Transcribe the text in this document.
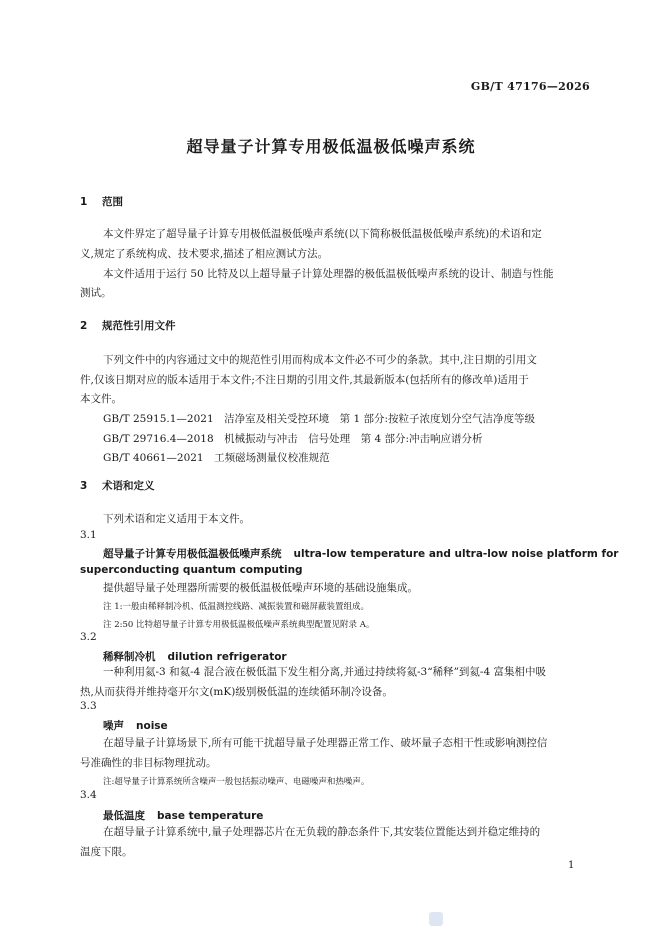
GB/T 47176—2026
超导量子计算专用极低温极低噪声系统
1 范围
本文件界定了超导量子计算专用极低温极低噪声系统(以下简称极低温极低噪声系统)的术语和定
义,规定了系统构成、技术要求,描述了相应测试方法。
本文件适用于运行 50 比特及以上超导量子计算处理器的极低温极低噪声系统的设计、制造与性能
测试。
2 规范性引用文件
下列文件中的内容通过文中的规范性引用而构成本文件必不可少的条款。其中,注日期的引用文
件,仅该日期对应的版本适用于本文件;不注日期的引用文件,其最新版本(包括所有的修改单)适用于
本文件。
GB/T 25915.1—2021　洁净室及相关受控环境　第 1 部分:按粒子浓度划分空气洁净度等级
GB/T 29716.4—2018　机械振动与冲击　信号处理　第 4 部分:冲击响应谱分析
GB/T 40661—2021　工频磁场测量仪校准规范
3 术语和定义
下列术语和定义适用于本文件。
3.1
超导量子计算专用极低温极低噪声系统 ultra-low temperature and ultra-low noise platform for
superconducting quantum computing
提供超导量子处理器所需要的极低温极低噪声环境的基础设施集成。
注 1:一般由稀释制冷机、低温测控线路、减振装置和磁屏蔽装置组成。
注 2:50 比特超导量子计算专用极低温极低噪声系统典型配置见附录 A。
3.2
稀释制冷机 dilution refrigerator
一种利用氦-3 和氦-4 混合液在极低温下发生相分离,并通过持续将氦-3“稀释”到氦-4 富集相中吸
热,从而获得并维持毫开尔文(mK)级别极低温的连续循环制冷设备。
3.3
噪声 noise
在超导量子计算场景下,所有可能干扰超导量子处理器正常工作、破坏量子态相干性或影响测控信
号准确性的非目标物理扰动。
注:超导量子计算系统所含噪声一般包括振动噪声、电磁噪声和热噪声。
3.4
最低温度 base temperature
在超导量子计算系统中,量子处理器芯片在无负载的静态条件下,其安装位置能达到并稳定维持的
温度下限。
1
